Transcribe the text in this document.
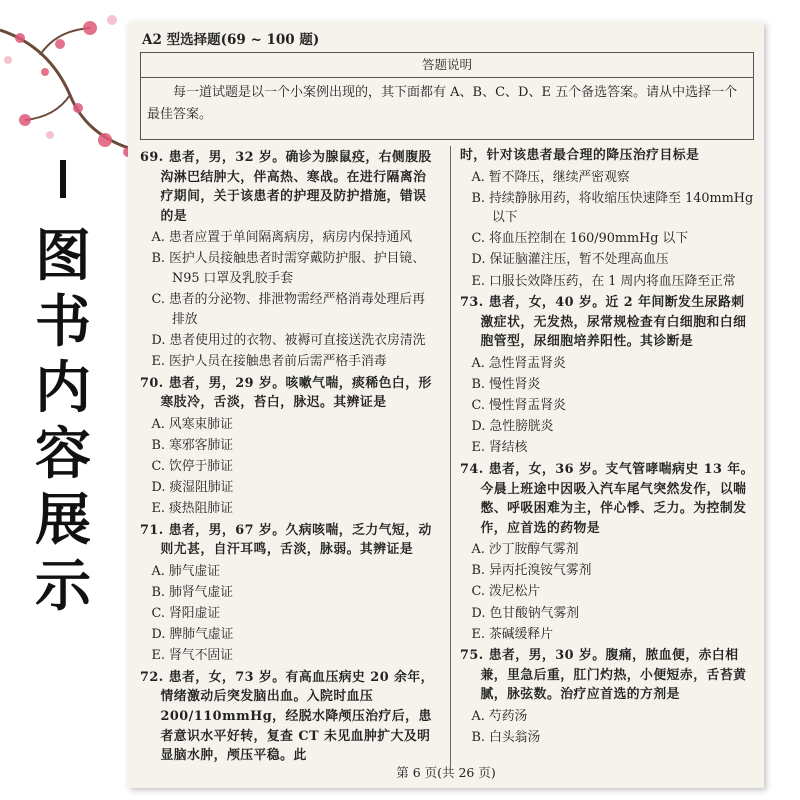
图
书
内
容
展
示
A2 型选择题(69 ~ 100 题)
答题说明
每一道试题是以一个小案例出现的，其下面都有 A、B、C、D、E 五个备选答案。请从中选择一个最佳答案。
69. 患者，男，32 岁。确诊为腺鼠疫，右侧腹股沟淋巴结肿大，伴高热、寒战。在进行隔离治疗期间，关于该患者的护理及防护措施，错误的是
A. 患者应置于单间隔离病房，病房内保持通风
B. 医护人员接触患者时需穿戴防护服、护目镜、N95 口罩及乳胶手套
C. 患者的分泌物、排泄物需经严格消毒处理后再排放
D. 患者使用过的衣物、被褥可直接送洗衣房清洗
E. 医护人员在接触患者前后需严格手消毒
70. 患者，男，29 岁。咳嗽气喘，痰稀色白，形寒肢冷，舌淡，苔白，脉迟。其辨证是
A. 风寒束肺证
B. 寒邪客肺证
C. 饮停于肺证
D. 痰湿阻肺证
E. 痰热阻肺证
71. 患者，男，67 岁。久病咳喘，乏力气短，动则尤甚，自汗耳鸣，舌淡，脉弱。其辨证是
A. 肺气虚证
B. 肺肾气虚证
C. 肾阳虚证
D. 脾肺气虚证
E. 肾气不固证
72. 患者，女，73 岁。有高血压病史 20 余年，情绪激动后突发脑出血。入院时血压 200/110mmHg，经脱水降颅压治疗后，患者意识水平好转，复查 CT 未见血肿扩大及明显脑水肿，颅压平稳。此
时，针对该患者最合理的降压治疗目标是
A. 暂不降压，继续严密观察
B. 持续静脉用药，将收缩压快速降至 140mmHg 以下
C. 将血压控制在 160/90mmHg 以下
D. 保证脑灌注压，暂不处理高血压
E. 口服长效降压药，在 1 周内将血压降至正常
73. 患者，女，40 岁。近 2 年间断发生尿路刺激症状，无发热，尿常规检查有白细胞和白细胞管型，尿细胞培养阳性。其诊断是
A. 急性肾盂肾炎
B. 慢性肾炎
C. 慢性肾盂肾炎
D. 急性膀胱炎
E. 肾结核
74. 患者，女，36 岁。支气管哮喘病史 13 年。今晨上班途中因吸入汽车尾气突然发作，以喘憋、呼吸困难为主，伴心悸、乏力。为控制发作，应首选的药物是
A. 沙丁胺醇气雾剂
B. 异丙托溴铵气雾剂
C. 泼尼松片
D. 色甘酸钠气雾剂
E. 茶碱缓释片
75. 患者，男，30 岁。腹痛，脓血便，赤白相兼，里急后重，肛门灼热，小便短赤，舌苔黄腻，脉弦数。治疗应首选的方剂是
A. 芍药汤
B. 白头翁汤
第 6 页(共 26 页)
